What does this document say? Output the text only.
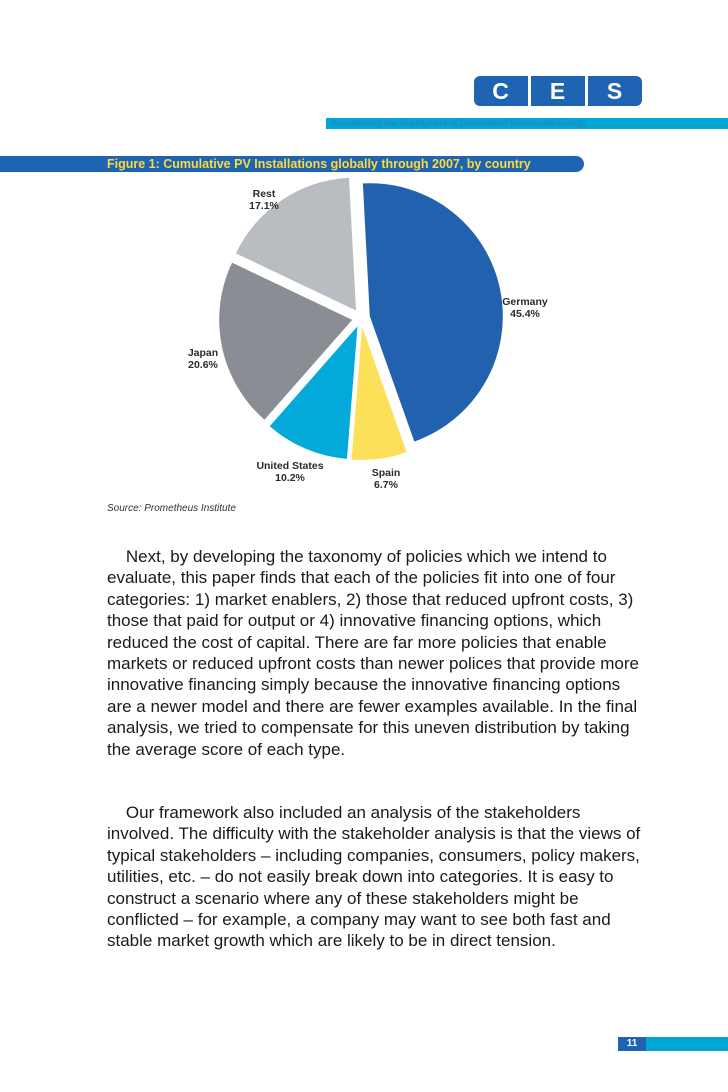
C	E	S
Accelerating the Deployment of Distributeed Renewable Energy
Figure 1: Cumulative PV Installations globally through 2007, by country
Germany
45.4%
Spain
6.7%
United States
10.2%
Japan
20.6%
Rest
17.1%
Source: Prometheus Institute

Next, by developing the taxonomy of policies which we intend to evaluate, this paper finds that each of the policies fit into one of four categories: 1) market enablers, 2) those that reduced upfront costs, 3) those that paid for output or 4) innovative financing options, which reduced the cost of capital. There are far more policies that enable markets or reduced upfront costs than newer polices that provide more innovative financing simply because the innovative financing options are a newer model and there are fewer examples available. In the final analysis, we tried to compensate for this uneven distribution by taking the average score of each type.

Our framework also included an analysis of the stakeholders involved. The difficulty with the stakeholder analysis is that the views of typical stakeholders – including companies, consumers, policy makers, utilities, etc. – do not easily break down into categories. It is easy to construct a scenario where any of these stakeholders might be conflicted – for example, a company may want to see both fast and stable market growth which are likely to be in direct tension.

11
